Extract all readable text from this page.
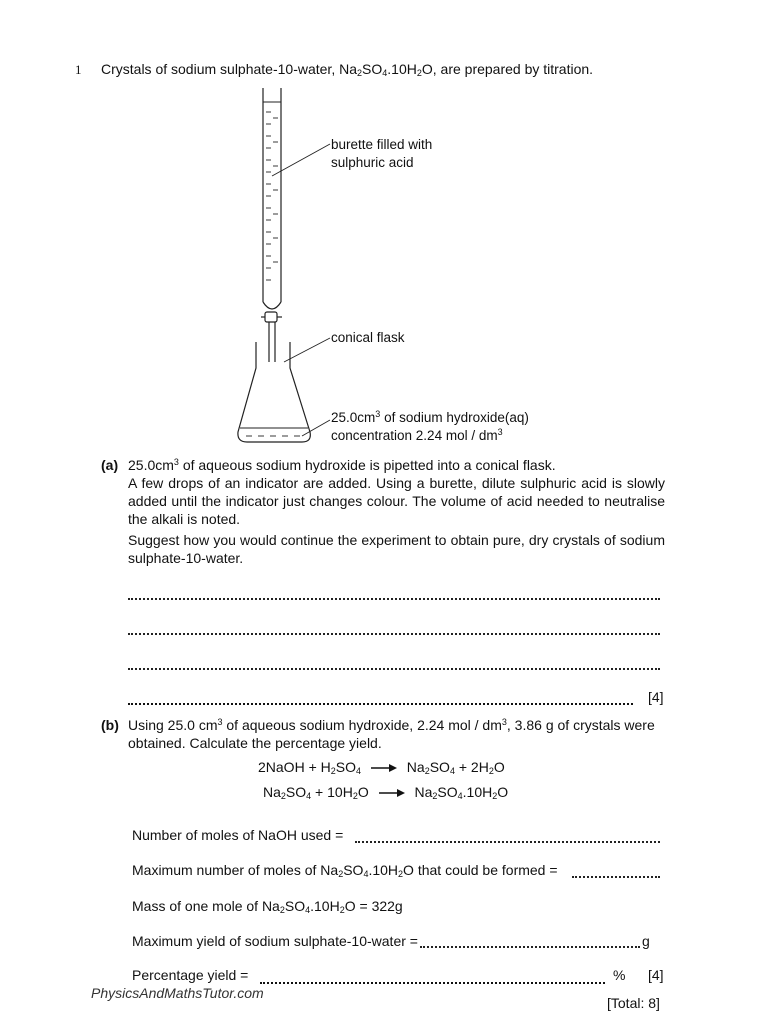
1 Crystals of sodium sulphate-10-water, $Na_2SO_4.10H_2O$, are prepared by titration.
burette filled with
sulphuric acid
conical flask
$25.0cm^3$ of sodium hydroxide(aq)
concentration 2.24 mol / $dm^3$
(a) $25.0cm^3$ of aqueous sodium hydroxide is pipetted into a conical flask.
A few drops of an indicator are added. Using a burette, dilute sulphuric acid is slowly added until the indicator just changes colour. The volume of acid needed to neutralise the alkali is noted.
Suggest how you would continue the experiment to obtain pure, dry crystals of sodium sulphate-10-water.
[4]
(b) Using 25.0 $cm^3$ of aqueous sodium hydroxide, 2.24 mol / $dm^3$, 3.86 g of crystals were
obtained. Calculate the percentage yield.
2NaOH + $H_2SO_4 \to Na_2SO_4 + 2H_2O$
$Na_2SO_4 + 10H_2O \to Na_2SO_4.10H_2O$
Number of moles of NaOH used =
Maximum number of moles of $Na_2SO_4.10H_2O$ that could be formed =
Mass of one mole of $Na_2SO_4.10H_2O = 322g$
Maximum yield of sodium sulphate-10-water =	g
Percentage yield =	% [4]
PhysicsAndMathsTutor.com
[Total: 8]
